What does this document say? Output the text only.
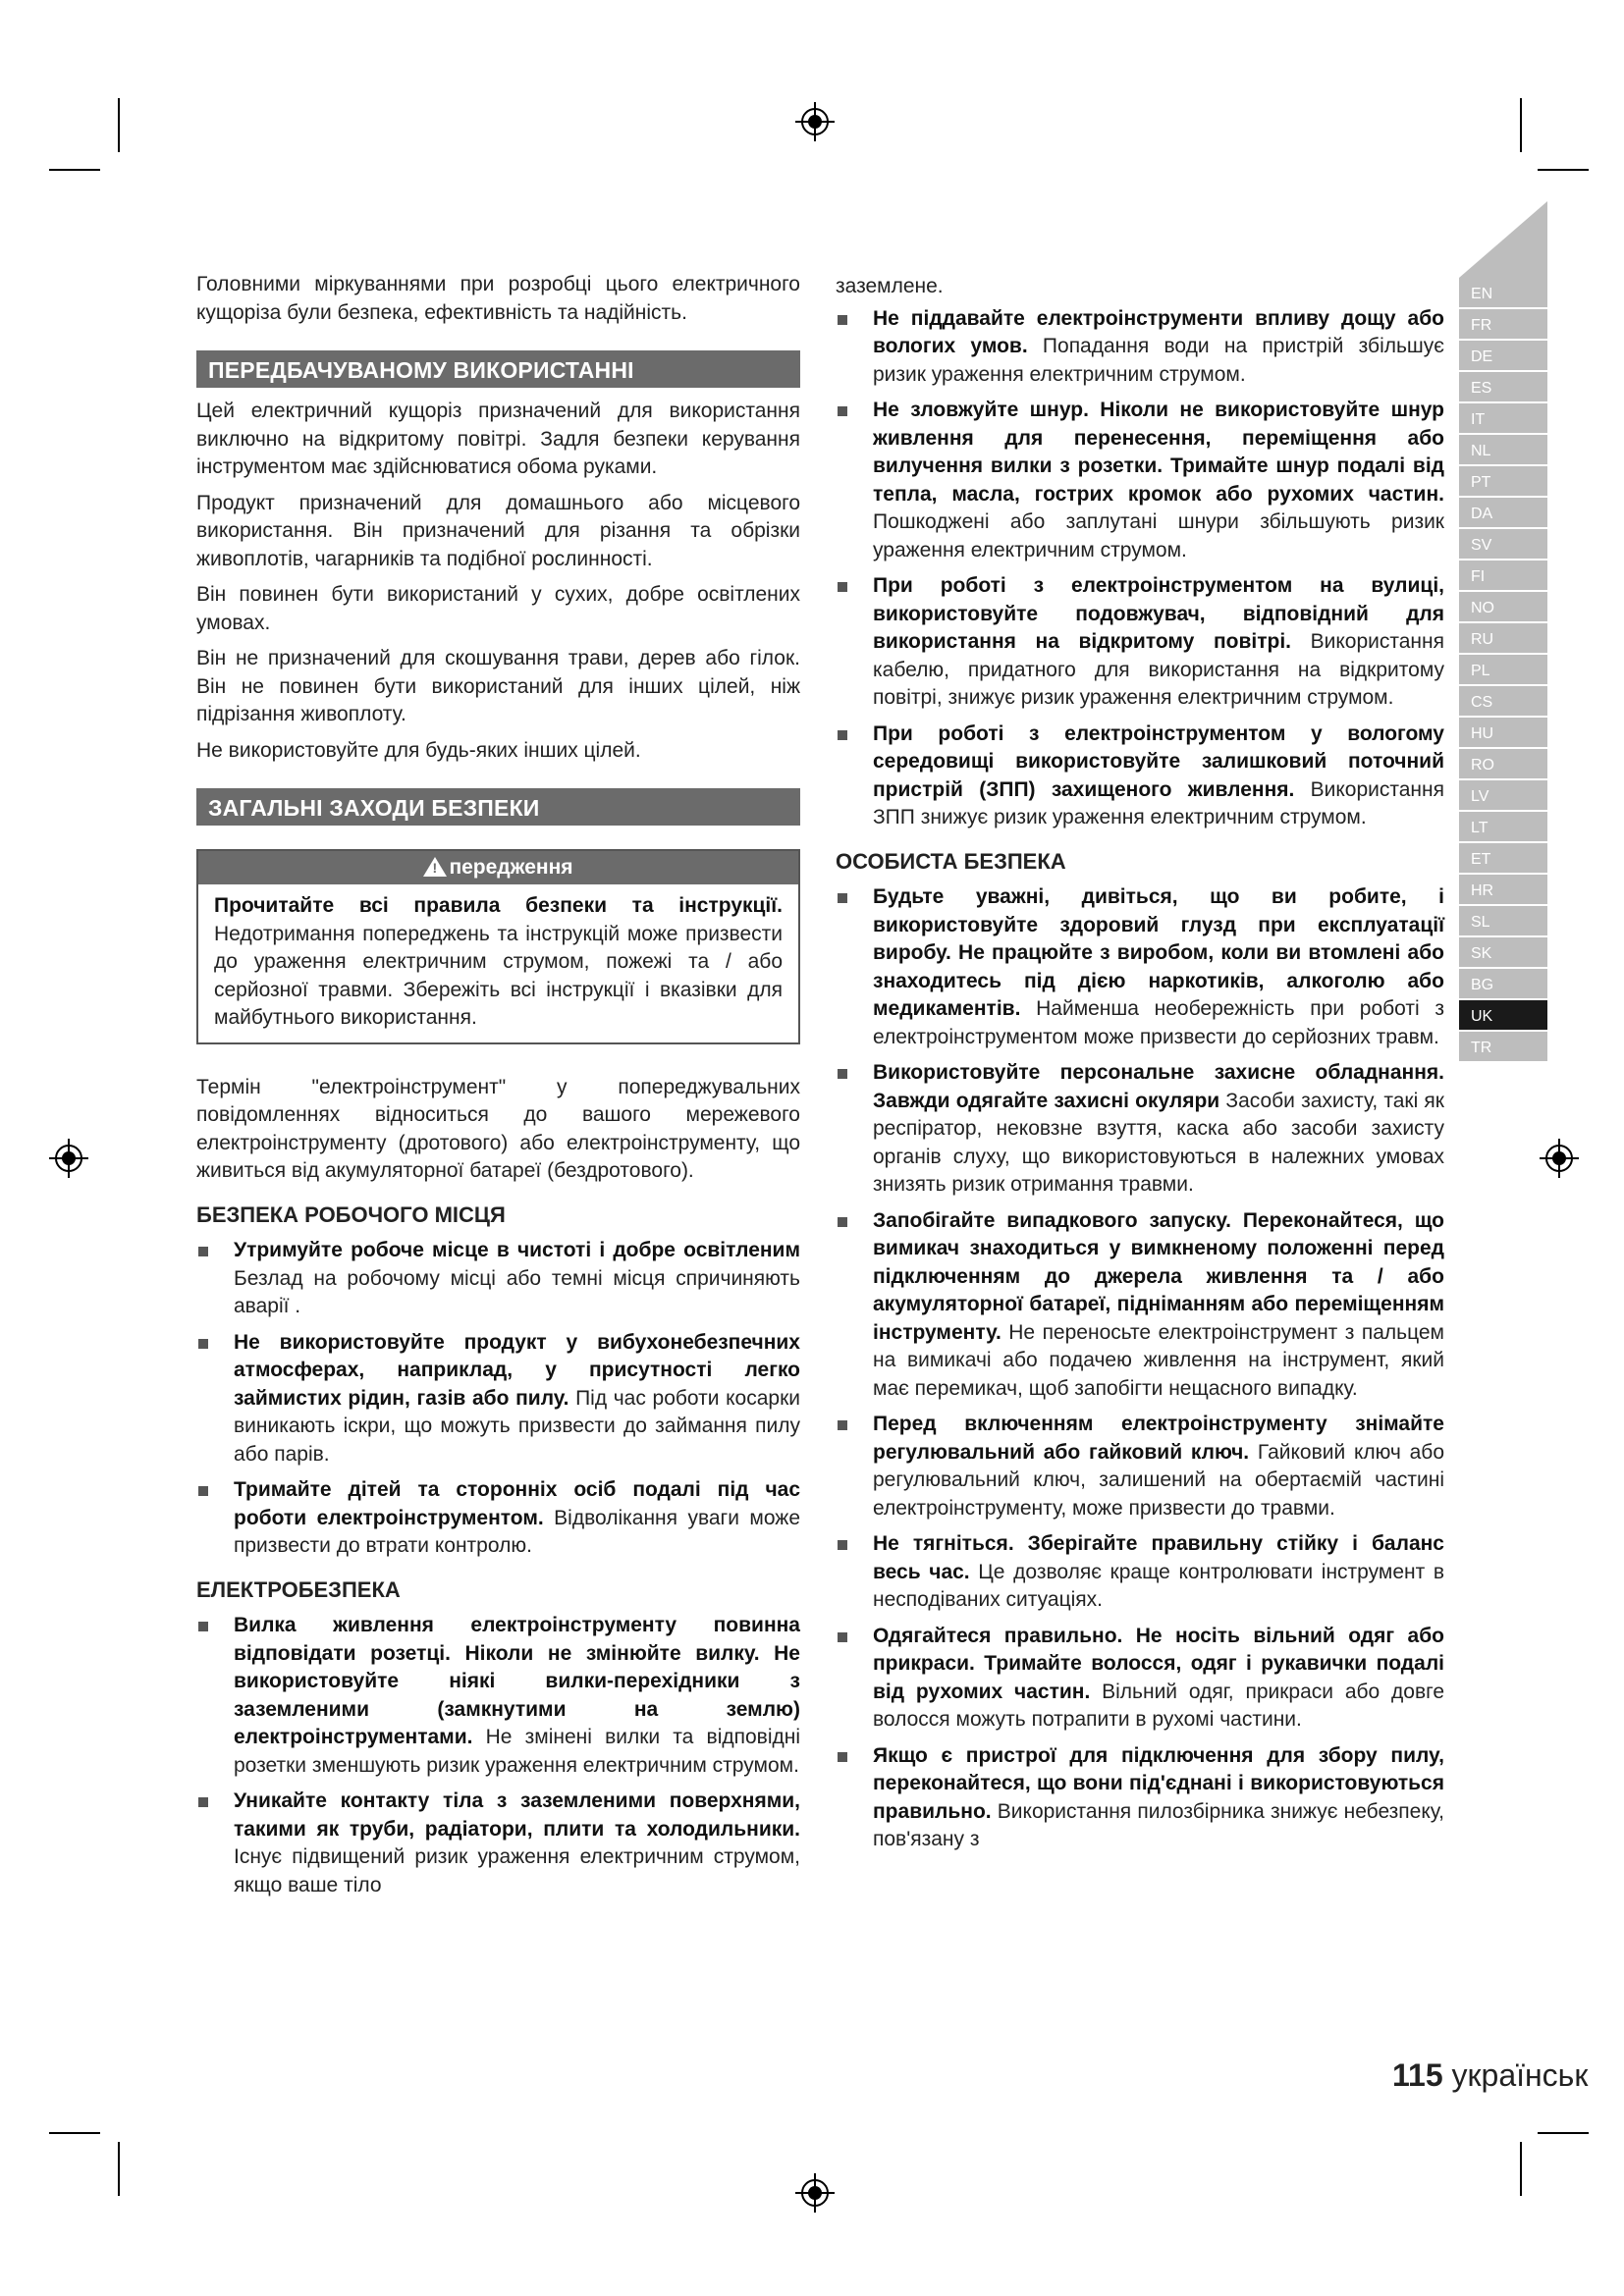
EN
FR
DE
ES
IT
NL
PT
DA
SV
FI
NO
RU
PL
CS
HU
RO
LV
LT
ET
HR
SL
SK
BG
UK
TR

Головними міркуваннями при розробці цього електричного кущоріза були безпека, ефективність та надійність.

ПЕРЕДБАЧУВАНОМУ ВИКОРИСТАННІ

Цей електричний кущоріз призначений для використання виключно на відкритому повітрі. Задля безпеки керування інструментом має здійснюватися обома руками.

Продукт призначений для домашнього або місцевого використання. Він призначений для різання та обрізки живоплотів, чагарників та подібної рослинності.

Він повинен бути використаний у сухих, добре освітлених умовах.

Він не призначений для скошування трави, дерев або гілок. Він не повинен бути використаний для інших цілей, ніж підрізання живоплоту.

Не використовуйте для будь-яких інших цілей.

ЗАГАЛЬНІ ЗАХОДИ БЕЗПЕКИ
! передження
Прочитайте всі правила безпеки та інструкції. Недотримання попереджень та інструкцій може призвести до ураження електричним струмом, пожежі та / або серйозної травми. Збережіть всі інструкції і вказівки для майбутнього використання.

Термін "електроінструмент" у попереджувальних повідомленнях відноситься до вашого мережевого електроінструменту (дротового) або електроінструменту, що живиться від акумуляторної батареї (бездротового).

БЕЗПЕКА РОБОЧОГО МІСЦЯ
Утримуйте робоче місце в чистоті і добре освітленим Безлад на робочому місці або темні місця спричиняють аварії .
Не використовуйте продукт у вибухонебезпечних атмосферах, наприклад, у присутності легко займистих рідин, газів або пилу. Під час роботи косарки виникають іскри, що можуть призвести до займання пилу або парів.
Тримайте дітей та сторонніх осіб подалі під час роботи електроінструментом. Відволікання уваги може призвести до втрати контролю.
ЕЛЕКТРОБЕЗПЕКА
Вилка живлення електроінструменту повинна відповідати розетці. Ніколи не змінюйте вилку. Не використовуйте ніякі вилки-перехідники з заземленими (замкнутими на землю) електроінструментами. Не змінені вилки та відповідні розетки зменшують ризик ураження електричним струмом.
Уникайте контакту тіла з заземленими поверхнями, такими як труби, радіатори, плити та холодильники. Існує підвищений ризик ураження електричним струмом, якщо ваше тіло

заземлене.

Не піддавайте електроінструменти впливу дощу або вологих умов. Попадання води на пристрій збільшує ризик ураження електричним струмом.
Не зловжуйте шнур. Ніколи не використовуйте шнур живлення для перенесення, переміщення або вилучення вилки з розетки. Тримайте шнур подалі від тепла, масла, гострих кромок або рухомих частин. Пошкоджені або заплутані шнури збільшують ризик ураження електричним струмом.
При роботі з електроінструментом на вулиці, використовуйте подовжувач, відповідний для використання на відкритому повітрі. Використання кабелю, придатного для використання на відкритому повітрі, знижує ризик ураження електричним струмом.
При роботі з електроінструментом у вологому середовищі використовуйте залишковий поточний пристрій (ЗПП) захищеного живлення. Використання ЗПП знижує ризик ураження електричним струмом.
ОСОБИСТА БЕЗПЕКА
Будьте уважні, дивіться, що ви робите, і використовуйте здоровий глузд при експлуатації виробу. Не працюйте з виробом, коли ви втомлені або знаходитесь під дією наркотиків, алкоголю або медикаментів. Найменша необережність при роботі з електроінструментом може призвести до серйозних травм.
Використовуйте персональне захисне обладнання. Завжди одягайте захисні окуляри Засоби захисту, такі як респіратор, нековзне взуття, каска або засоби захисту органів слуху, що використовуються в належних умовах знизять ризик отримання травми.
Запобігайте випадкового запуску. Переконайтеся, що вимикач знаходиться у вимкненому положенні перед підключенням до джерела живлення та / або акумуляторної батареї, підніманням або переміщенням інструменту. Не переносьте електроінструмент з пальцем на вимикачі або подачею живлення на інструмент, який має перемикач, щоб запобігти нещасного випадку.
Перед включенням електроінструменту знімайте регулювальний або гайковий ключ. Гайковий ключ або регулювальний ключ, залишений на обертаємій частині електроінструменту, може призвести до травми.
Не тягніться. Зберігайте правильну стійку і баланс весь час. Це дозволяє краще контролювати інструмент в несподіваних ситуаціях.
Одягайтеся правильно. Не носіть вільний одяг або прикраси. Тримайте волосся, одяг і рукавички подалі від рухомих частин. Вільний одяг, прикраси або довге волосся можуть потрапити в рухомі частини.
Якщо є пристрої для підключення для збору пилу, переконайтеся, що вони під'єднані і використовуються правильно. Використання пилозбірника знижує небезпеку, пов'язану з
115 українськ
